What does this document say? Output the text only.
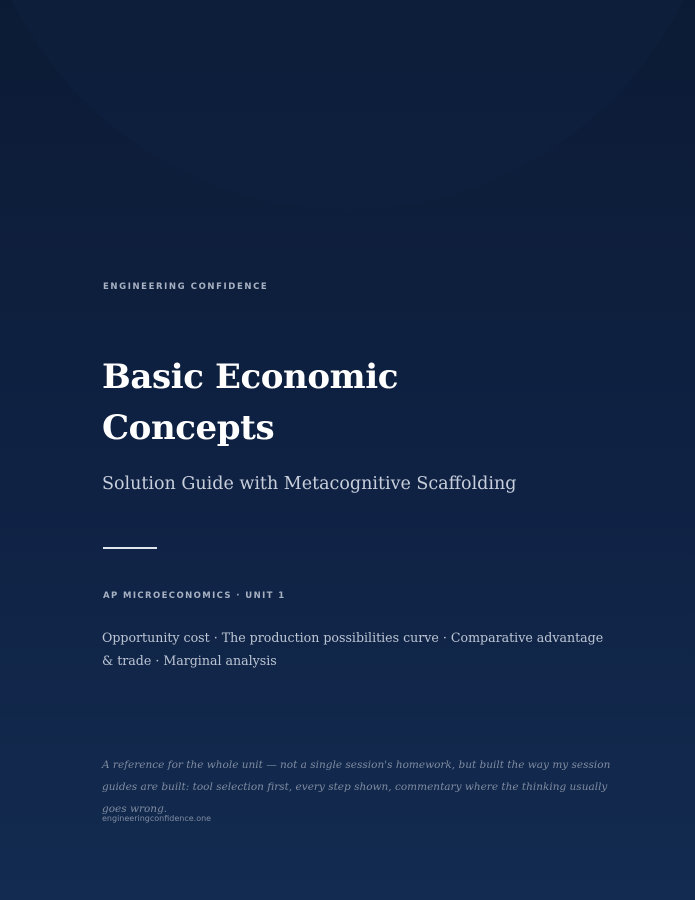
ENGINEERING CONFIDENCE
Basic Economic Concepts
Solution Guide with Metacognitive Scaffolding
AP MICROECONOMICS · UNIT 1
Opportunity cost · The production possibilities curve · Comparative advantage & trade · Marginal analysis
A reference for the whole unit — not a single session's homework, but built the way my session guides are built: tool selection first, every step shown, commentary where the thinking usually goes wrong.
engineeringconfidence.one
